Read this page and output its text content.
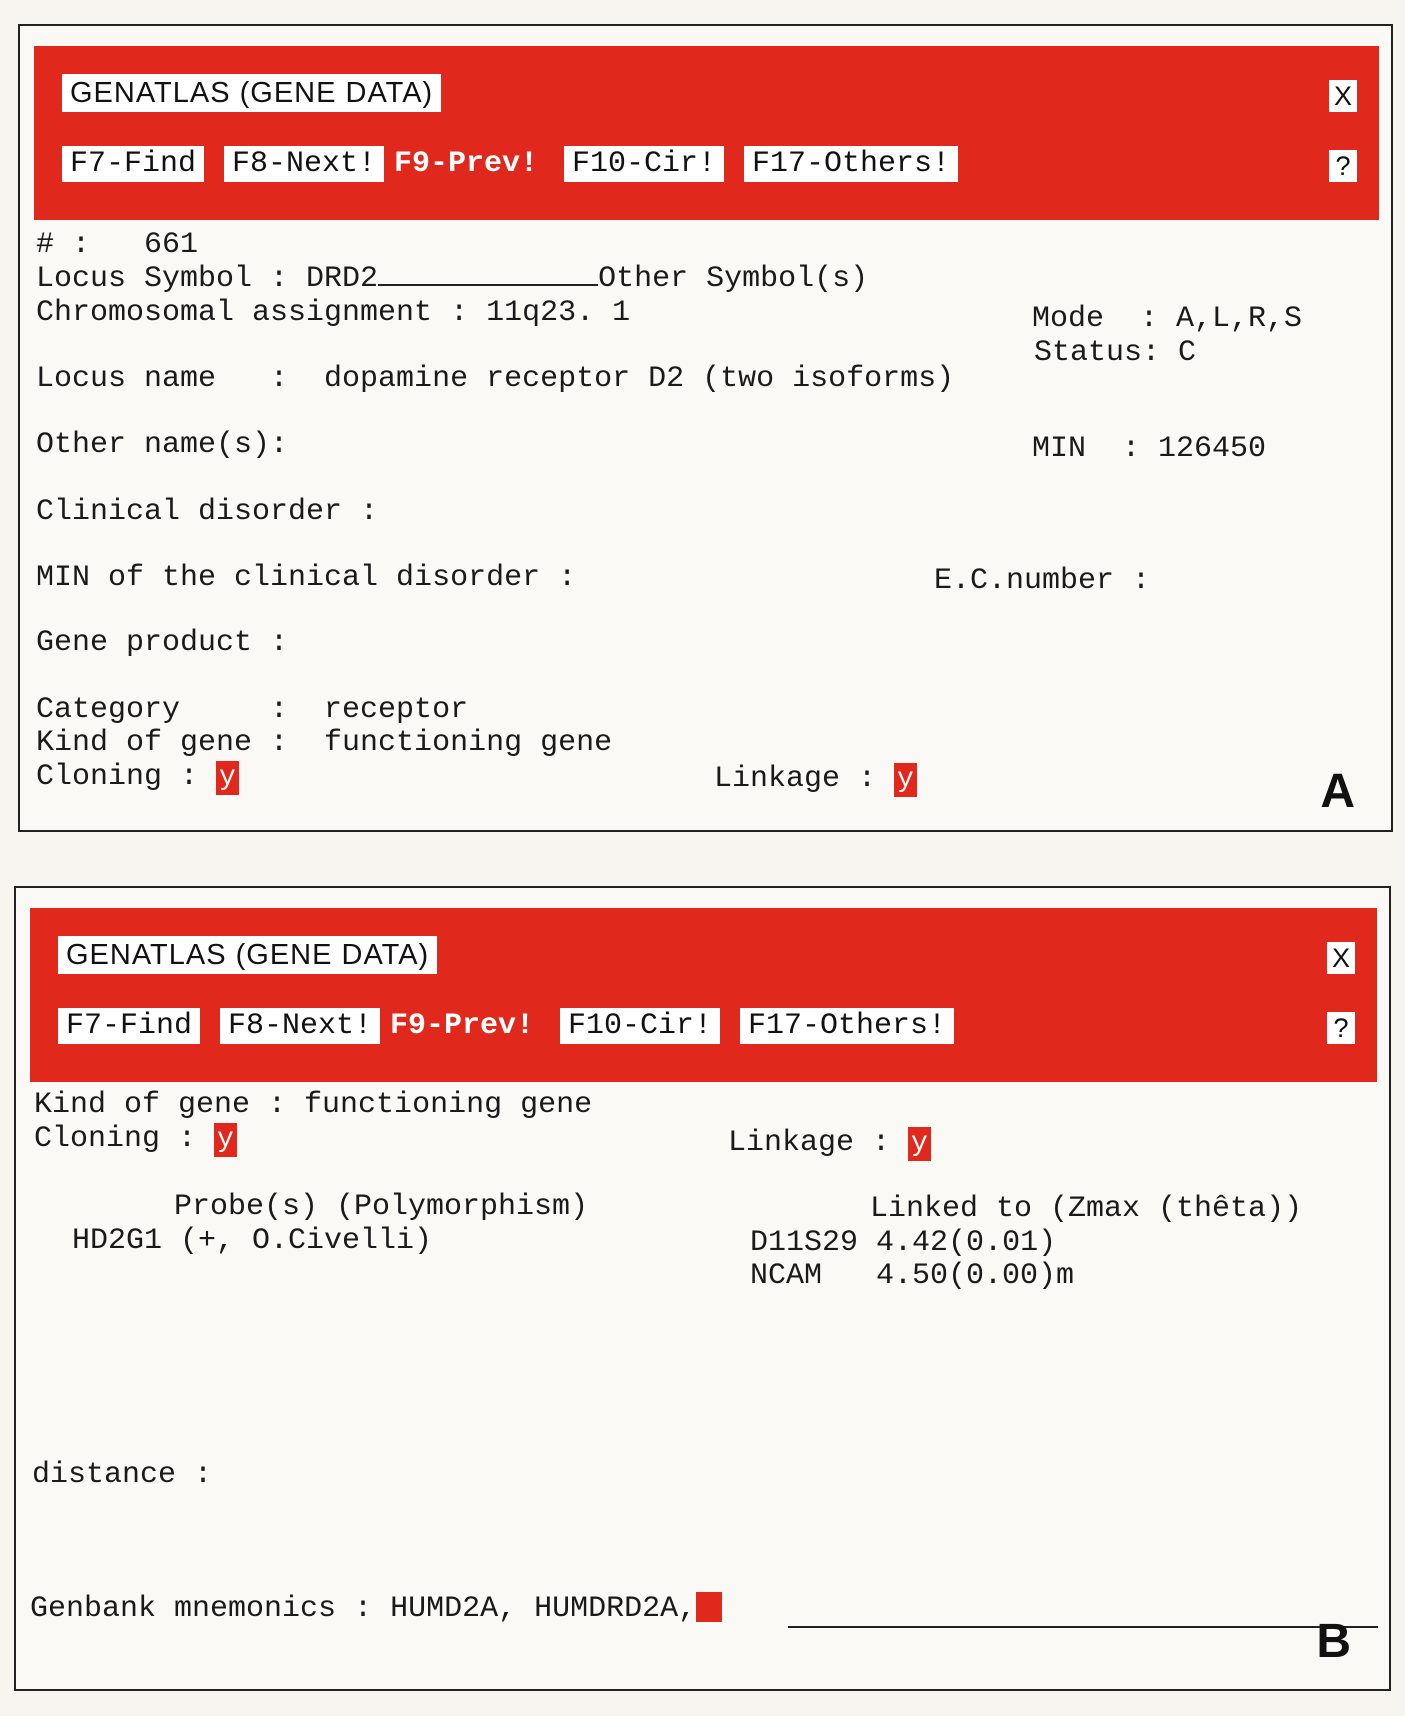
GENATLAS (GENE DATA)	X
?
F7-Find F8-Next! F9-Prev! F10-Cir! F17-Others!
# : 661
Locus Symbol : DRD2	Other Symbol(s)
Chromosomal assignment : 11q23. 1	Mode  : A,L,R,S
Status: C
Locus name   :  dopamine receptor D2 (two isoforms)
Other name(s):	MIN  : 126450
Clinical disorder :
MIN of the clinical disorder :	E.C.number :
Gene product :
Category     :  receptor
Kind of gene :  functioning gene
Cloning : y	Linkage : y	A
GENATLAS (GENE DATA)	X
?
F7-Find F8-Next! F9-Prev! F10-Cir! F17-Others!
Kind of gene : functioning gene
Cloning : y	Linkage : y
Probe(s) (Polymorphism)
HD2G1 (+, O.Civelli)
Linked to (Zmax (thêta))
D11S29 4.42(0.01)
NCAM 4.50(0.00)m
distance :
Genbank mnemonics : HUMD2A, HUMDRD2A,
B
